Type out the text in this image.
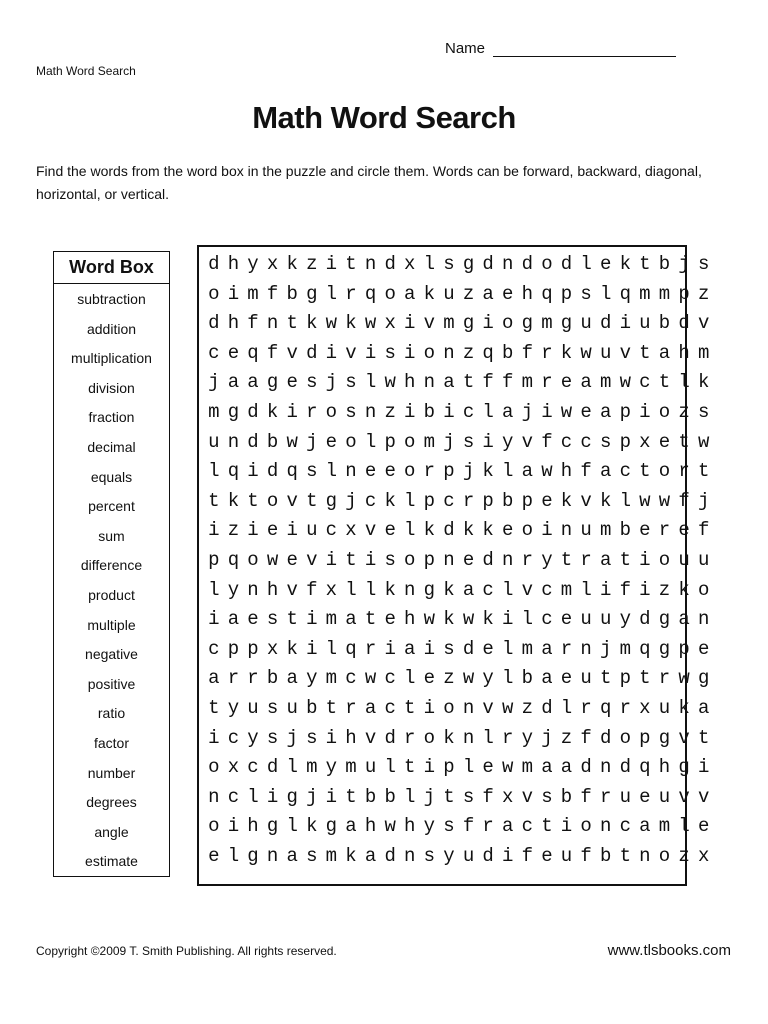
Name
Math Word Search
Math Word Search
Find the words from the word box in the puzzle and circle them. Words can be forward, backward, diagonal, horizontal, or vertical.
Word Box
subtraction
addition
multiplication
division
fraction
decimal
equals
percent
sum
difference
product
multiple
negative
positive
ratio
factor
number
degrees
angle
estimate
d h y x k z i t n d x l s g d n d o d l e k t b j s
o i m f b g l r q o a k u z a e h q p s l q m m p z
d h f n t k w k w x i v m g i o g m g u d i u b d v
c e q f v d i v i s i o n z q b f r k w u v t a h m
j a a g e s j s l w h n a t f f m r e a m w c t l k
m g d k i r o s n z i b i c l a j i w e a p i o z s
u n d b w j e o l p o m j s i y v f c c s p x e t w
l q i d q s l n e e o r p j k l a w h f a c t o r t
t k t o v t g j c k l p c r p b p e k v k l w w f j
i z i e i u c x v e l k d k k e o i n u m b e r e f
p q o w e v i t i s o p n e d n r y t r a t i o u u
l y n h v f x l l k n g k a c l v c m l i f i z k o
i a e s t i m a t e h w k w k i l c e u u y d g a n
c p p x k i l q r i a i s d e l m a r n j m q g p e
a r r b a y m c w c l e z w y l b a e u t p t r w g
t y u s u b t r a c t i o n v w z d l r q r x u k a
i c y s j s i h v d r o k n l r y j z f d o p g v t
o x c d l m y m u l t i p l e w m a a d n d q h g i
n c l i g j i t b b l j t s f x v s b f r u e u v v
o i h g l k g a h w h y s f r a c t i o n c a m l e
e l g n a s m k a d n s y u d i f e u f b t n o z x
Copyright ©2009 T. Smith Publishing. All rights reserved.	www.tlsbooks.com
